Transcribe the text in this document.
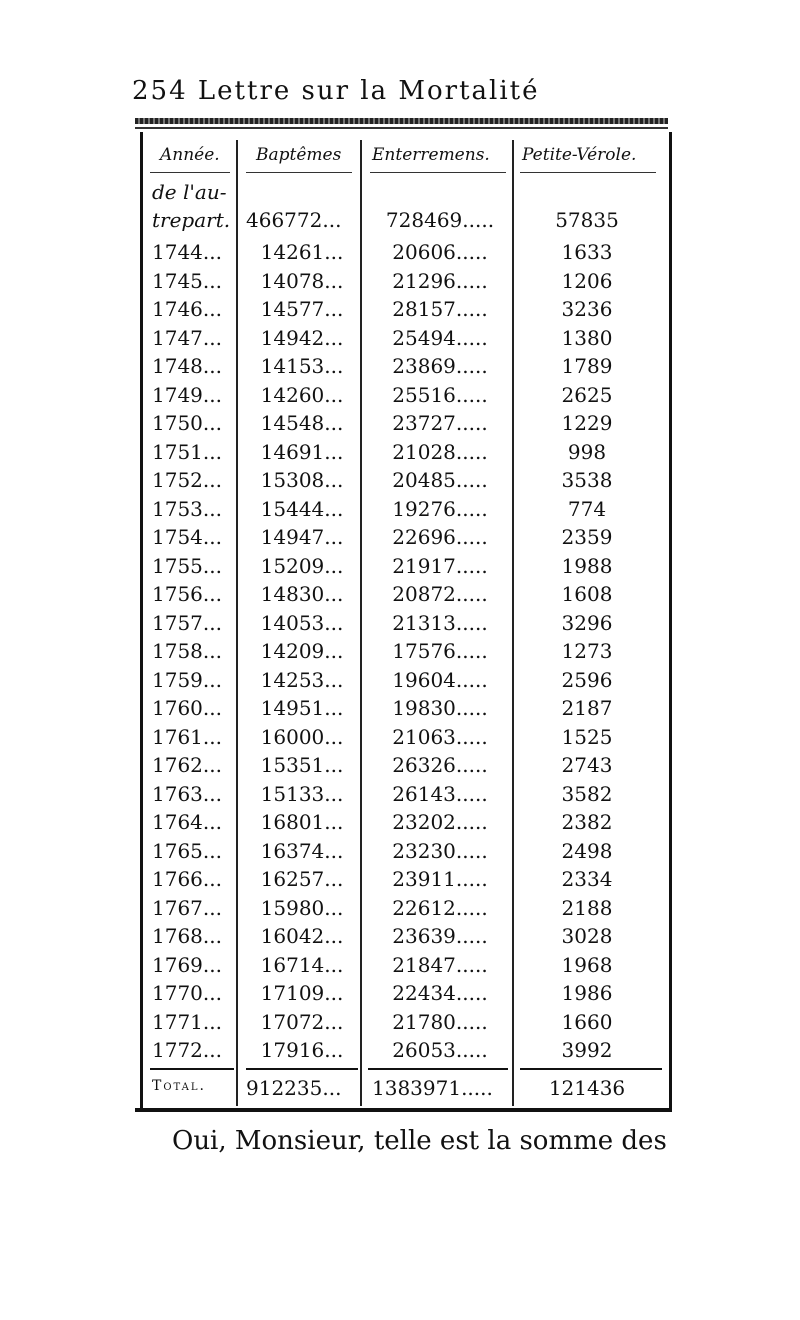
254 Lettre sur la Mortalité
Année. Baptêmes Enterremens. Petite-Vérole.
de l'au-
trepart. 466772...	728469.....	57835
1744...	14261...	20606.....	1633
1745...	14078...	21296.....	1206
1746...	14577...	28157.....	3236
1747...	14942...	25494.....	1380
1748...	14153...	23869.....	1789
1749...	14260...	25516.....	2625
1750...	14548...	23727.....	1229
1751...	14691...	21028.....	998
1752...	15308...	20485.....	3538
1753...	15444...	19276.....	774
1754...	14947...	22696.....	2359
1755...	15209...	21917.....	1988
1756...	14830...	20872.....	1608
1757...	14053...	21313.....	3296
1758...	14209...	17576.....	1273
1759...	14253...	19604.....	2596
1760...	14951...	19830.....	2187
1761...	16000...	21063.....	1525
1762...	15351...	26326.....	2743
1763...	15133...	26143.....	3582
1764...	16801...	23202.....	2382
1765...	16374...	23230.....	2498
1766...	16257...	23911.....	2334
1767...	15980...	22612.....	2188
1768...	16042...	23639.....	3028
1769...	16714...	21847.....	1968
1770...	17109...	22434.....	1986
1771...	17072...	21780.....	1660
1772...	17916...	26053.....	3992
Total.	912235...	1383971.....	121436
Oui, Monsieur, telle est la somme des
